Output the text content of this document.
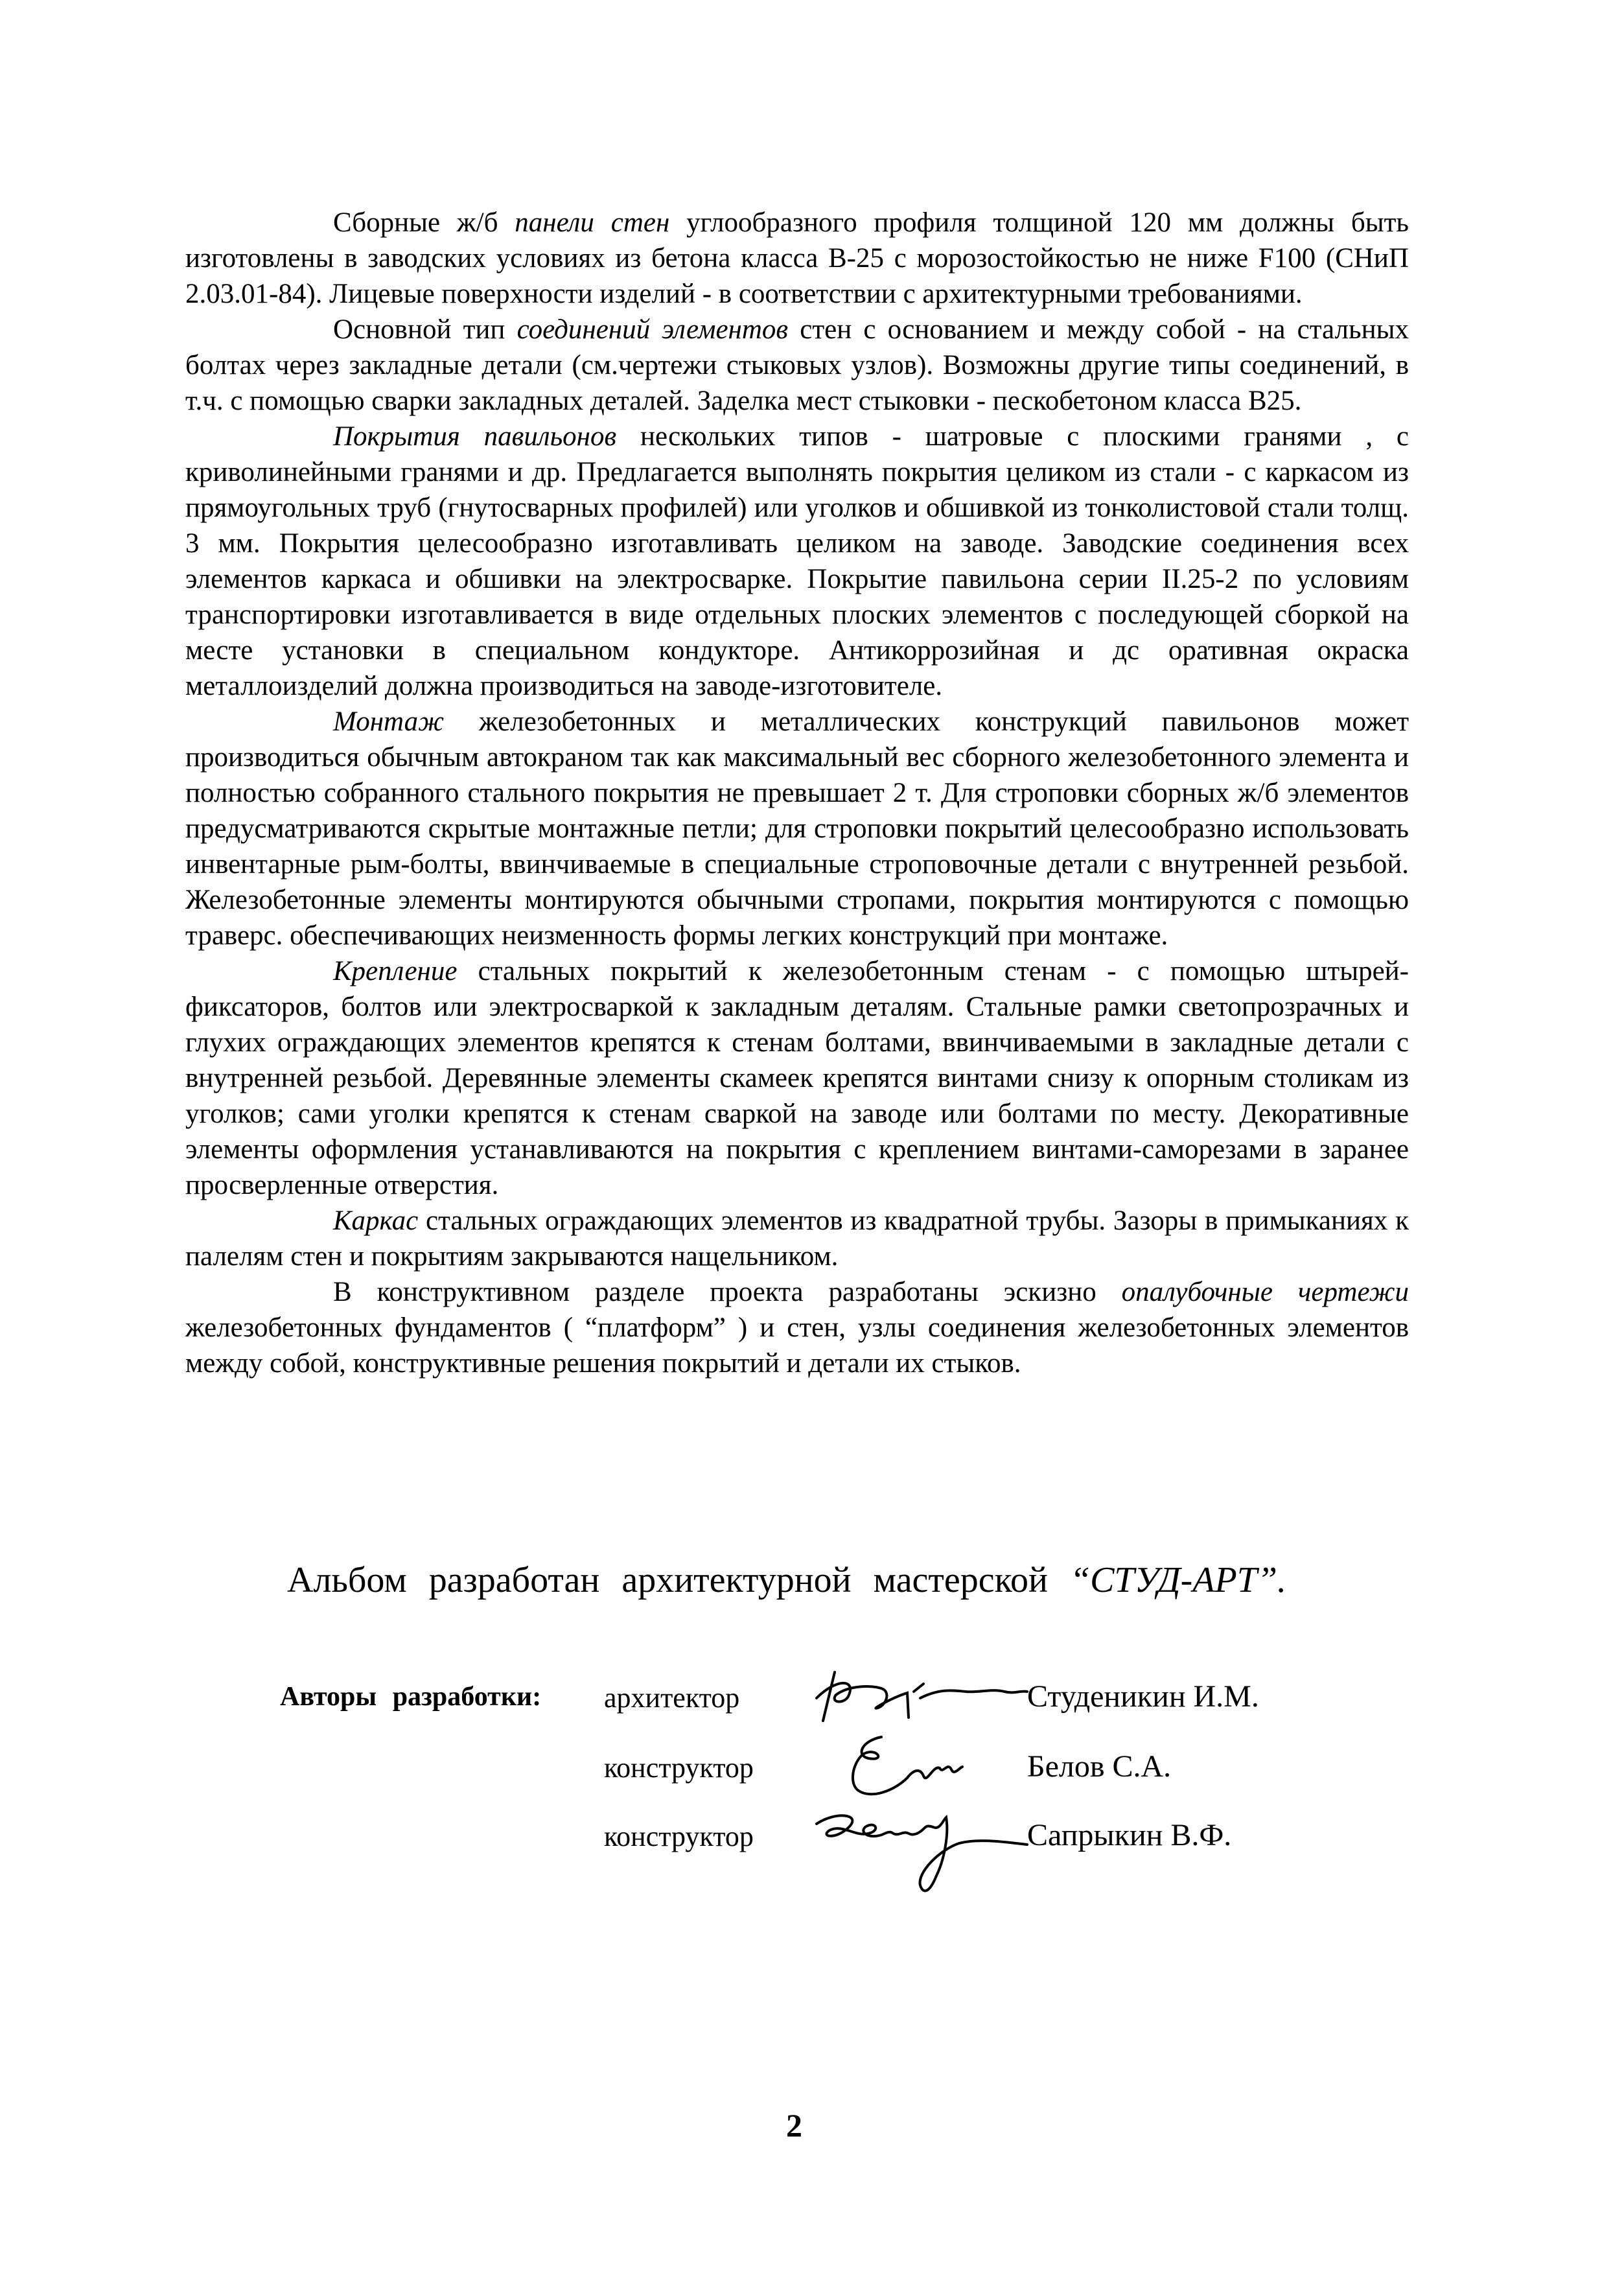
Сборные ж/б панели стен углообразного профиля толщиной 120 мм должны быть изготовлены в заводских условиях из бетона класса В-25 с морозостойкостью не ниже F100 (СНиП 2.03.01-84). Лицевые поверхности изделий - в соответствии с архитектурными требованиями.

Основной тип соединений элементов стен с основанием и между собой - на стальных болтах через закладные детали (см.чертежи стыковых узлов). Возможны другие типы соединений, в т.ч. с помощью сварки закладных деталей. Заделка мест стыковки - пескобетоном класса В25.

Покрытия павильонов нескольких типов - шатровые с плоскими гранями , с криволинейными гранями и др. Предлагается выполнять покрытия целиком из стали - с каркасом из прямоугольных труб (гнутосварных профилей) или уголков и обшивкой из тонколистовой стали толщ. 3 мм. Покрытия целесообразно изготавливать целиком на заводе. Заводские соединения всех элементов каркаса и обшивки на электросварке. Покрытие павильона серии II.25-2 по условиям транспортировки изготавливается в виде отдельных плоских элементов с последующей сборкой на месте установки в специальном кондукторе. Антикоррозийная и дс оративная окраска металлоизделий должна производиться на заводе-изготовителе.

Монтаж железобетонных и металлических конструкций павильонов может производиться обычным автокраном так как максимальный вес сборного железобетонного элемента и полностью собранного стального покрытия не превышает 2 т. Для строповки сборных ж/б элементов предусматриваются скрытые монтажные петли; для строповки покрытий целесообразно использовать инвентарные рым-болты, ввинчиваемые в специальные строповочные детали с внутренней резьбой. Железобетонные элементы монтируются обычными стропами, покрытия монтируются с помощью траверс. обеспечивающих неизменность формы легких конструкций при монтаже.

Крепление стальных покрытий к железобетонным стенам - с помощью штырей-фиксаторов, болтов или электросваркой к закладным деталям. Стальные рамки светопрозрачных и глухих ограждающих элементов крепятся к стенам болтами, ввинчиваемыми в закладные детали с внутренней резьбой. Деревянные элементы скамеек крепятся винтами снизу к опорным столикам из уголков; сами уголки крепятся к стенам сваркой на заводе или болтами по месту. Декоративные элементы оформления устанавливаются на покрытия с креплением винтами-саморезами в заранее просверленные отверстия.

Каркас стальных ограждающих элементов из квадратной трубы. Зазоры в примыканиях к палелям стен и покрытиям закрываются нащельником.

В конструктивном разделе проекта разработаны эскизно опалубочные чертежи железобетонных фундаментов ( “платформ” ) и стен, узлы соединения железобетонных элементов между собой, конструктивные решения покрытий и детали их стыков.

Альбом разработан архитектурной мастерской “СТУД-АРТ”.
Авторы разработки: архитектор	Студеникин И.М.
конструктор	Белов С.А.
конструктор	Сапрыкин В.Ф.
2
